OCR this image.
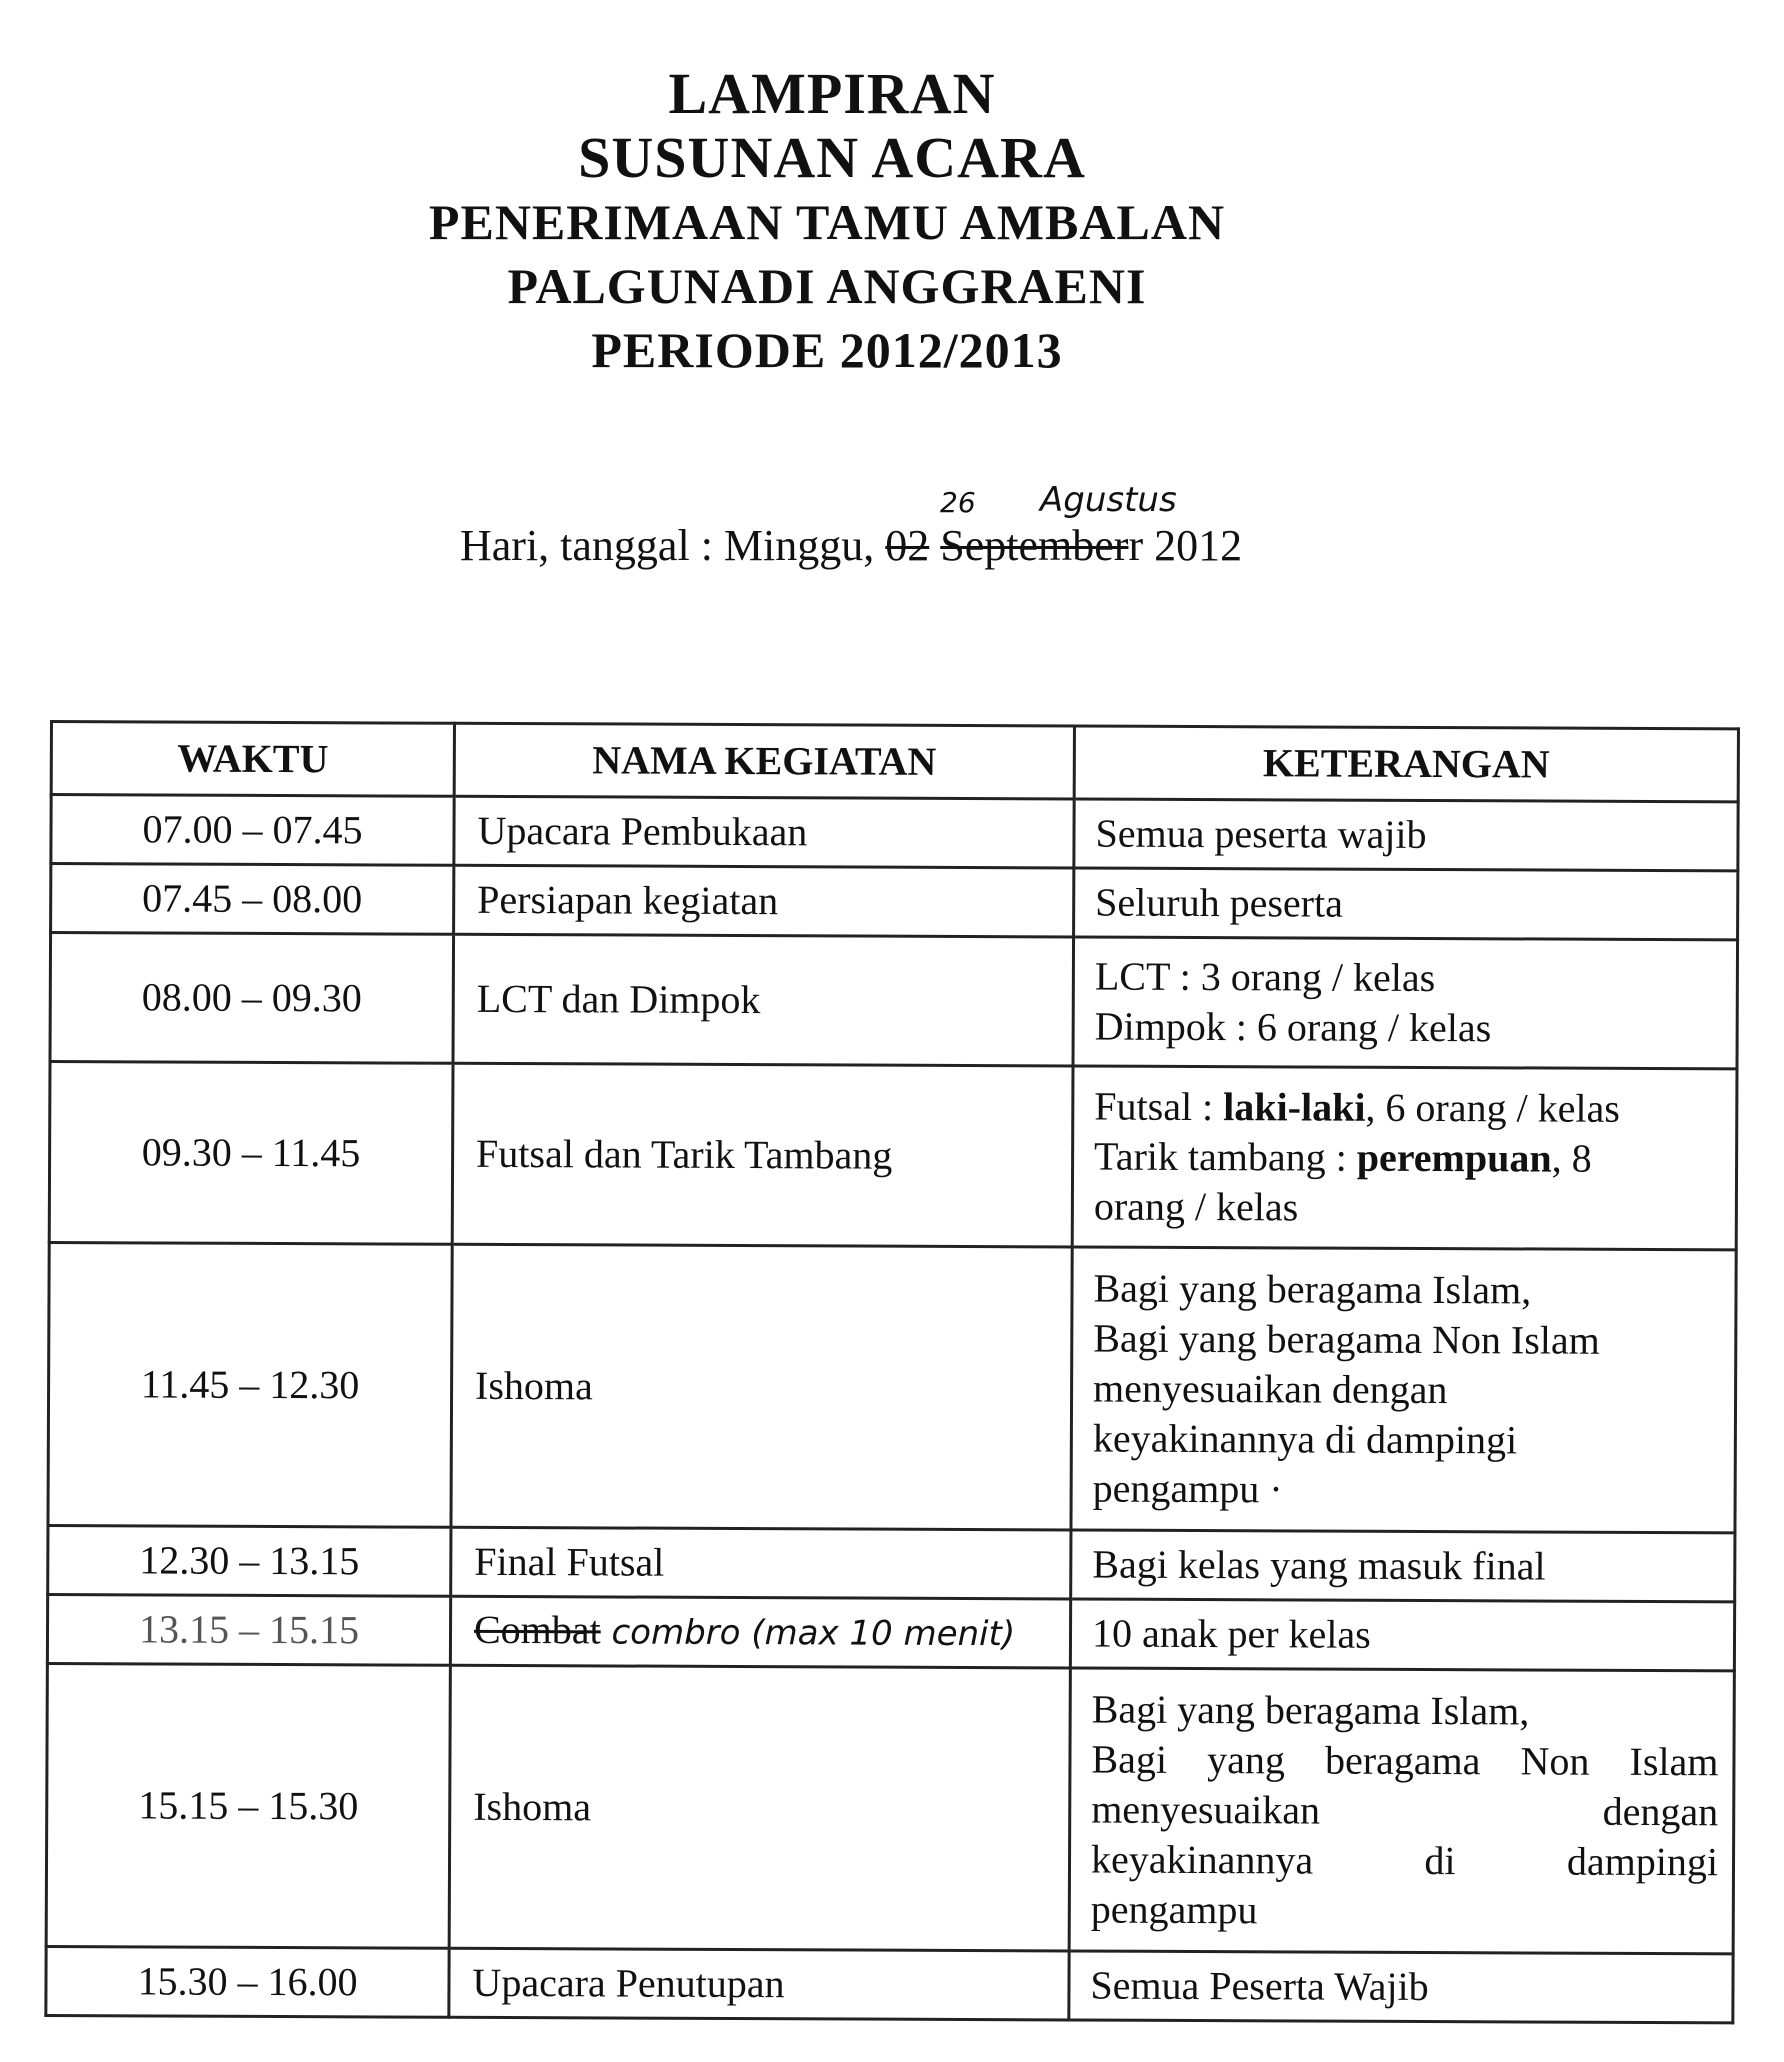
LAMPIRAN
SUSUNAN ACARA
PENERIMAAN TAMU AMBALAN
PALGUNADI ANGGRAENI
PERIODE 2012/2013
26 Agustus
Hari, tanggal : Minggu, 02 Septemberr 2012
WAKTU	NAMA KEGIATAN	KETERANGAN
07.00 – 07.45	Upacara Pembukaan	Semua peserta wajib

07.45 – 08.00	Persiapan kegiatan	Seluruh peserta

08.00 – 09.30	LCT dan Dimpok	LCT : 3 orang / kelas
Dimpok : 6 orang / kelas

09.30 – 11.45	Futsal dan Tarik Tambang	Futsal : laki-laki, 6 orang / kelas
Tarik tambang : perempuan, 8
orang / kelas

11.45 – 12.30	Ishoma	Bagi yang beragama Islam,
Bagi yang beragama Non Islam
menyesuaikan dengan
keyakinannya di dampingi
pengampu ·

12.30 – 13.15	Final Futsal	Bagi kelas yang masuk final

13.15 – 15.15	Combat combro (max 10 menit)	10 anak per kelas

15.15 – 15.30	Ishoma	Bagi yang beragama Islam,
Bagi yang beragama Non Islam
menyesuaikan dengan
keyakinannya di dampingi
pengampu

15.30 – 16.00	Upacara Penutupan	Semua Peserta Wajib
